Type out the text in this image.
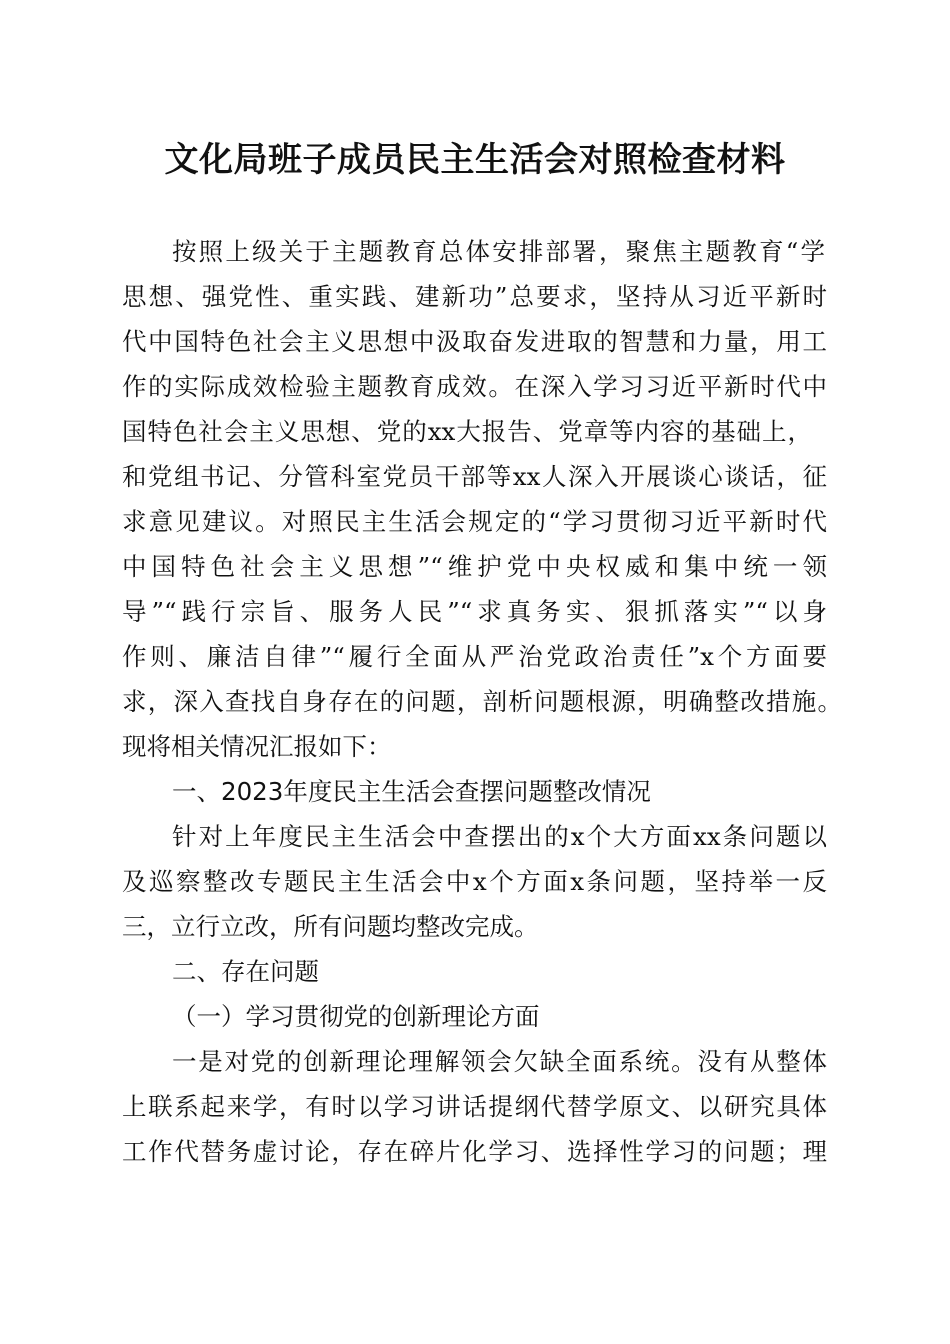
文化局班子成员民主生活会对照检查材料
按照上级关于主题教育总体安排部署，聚焦主题教育“学
思想、强党性、重实践、建新功”总要求，坚持从习近平新时
代中国特色社会主义思想中汲取奋发进取的智慧和力量，用工
作的实际成效检验主题教育成效。在深入学习习近平新时代中
国特色社会主义思想、党的xx大报告、党章等内容的基础上，
和党组书记、分管科室党员干部等xx人深入开展谈心谈话，征
求意见建议。对照民主生活会规定的“学习贯彻习近平新时代
中国特色社会主义思想”“维护党中央权威和集中统一领
导”“践行宗旨、服务人民”“求真务实、狠抓落实”“以身
作则、廉洁自律”“履行全面从严治党政治责任”x个方面要
求，深入查找自身存在的问题，剖析问题根源，明确整改措施。
现将相关情况汇报如下：
一、2023年度民主生活会查摆问题整改情况
针对上年度民主生活会中查摆出的x个大方面xx条问题以
及巡察整改专题民主生活会中x个方面x条问题，坚持举一反
三，立行立改，所有问题均整改完成。
二、存在问题
（一）学习贯彻党的创新理论方面
一是对党的创新理论理解领会欠缺全面系统。没有从整体
上联系起来学，有时以学习讲话提纲代替学原文、以研究具体
工作代替务虚讨论，存在碎片化学习、选择性学习的问题；理
